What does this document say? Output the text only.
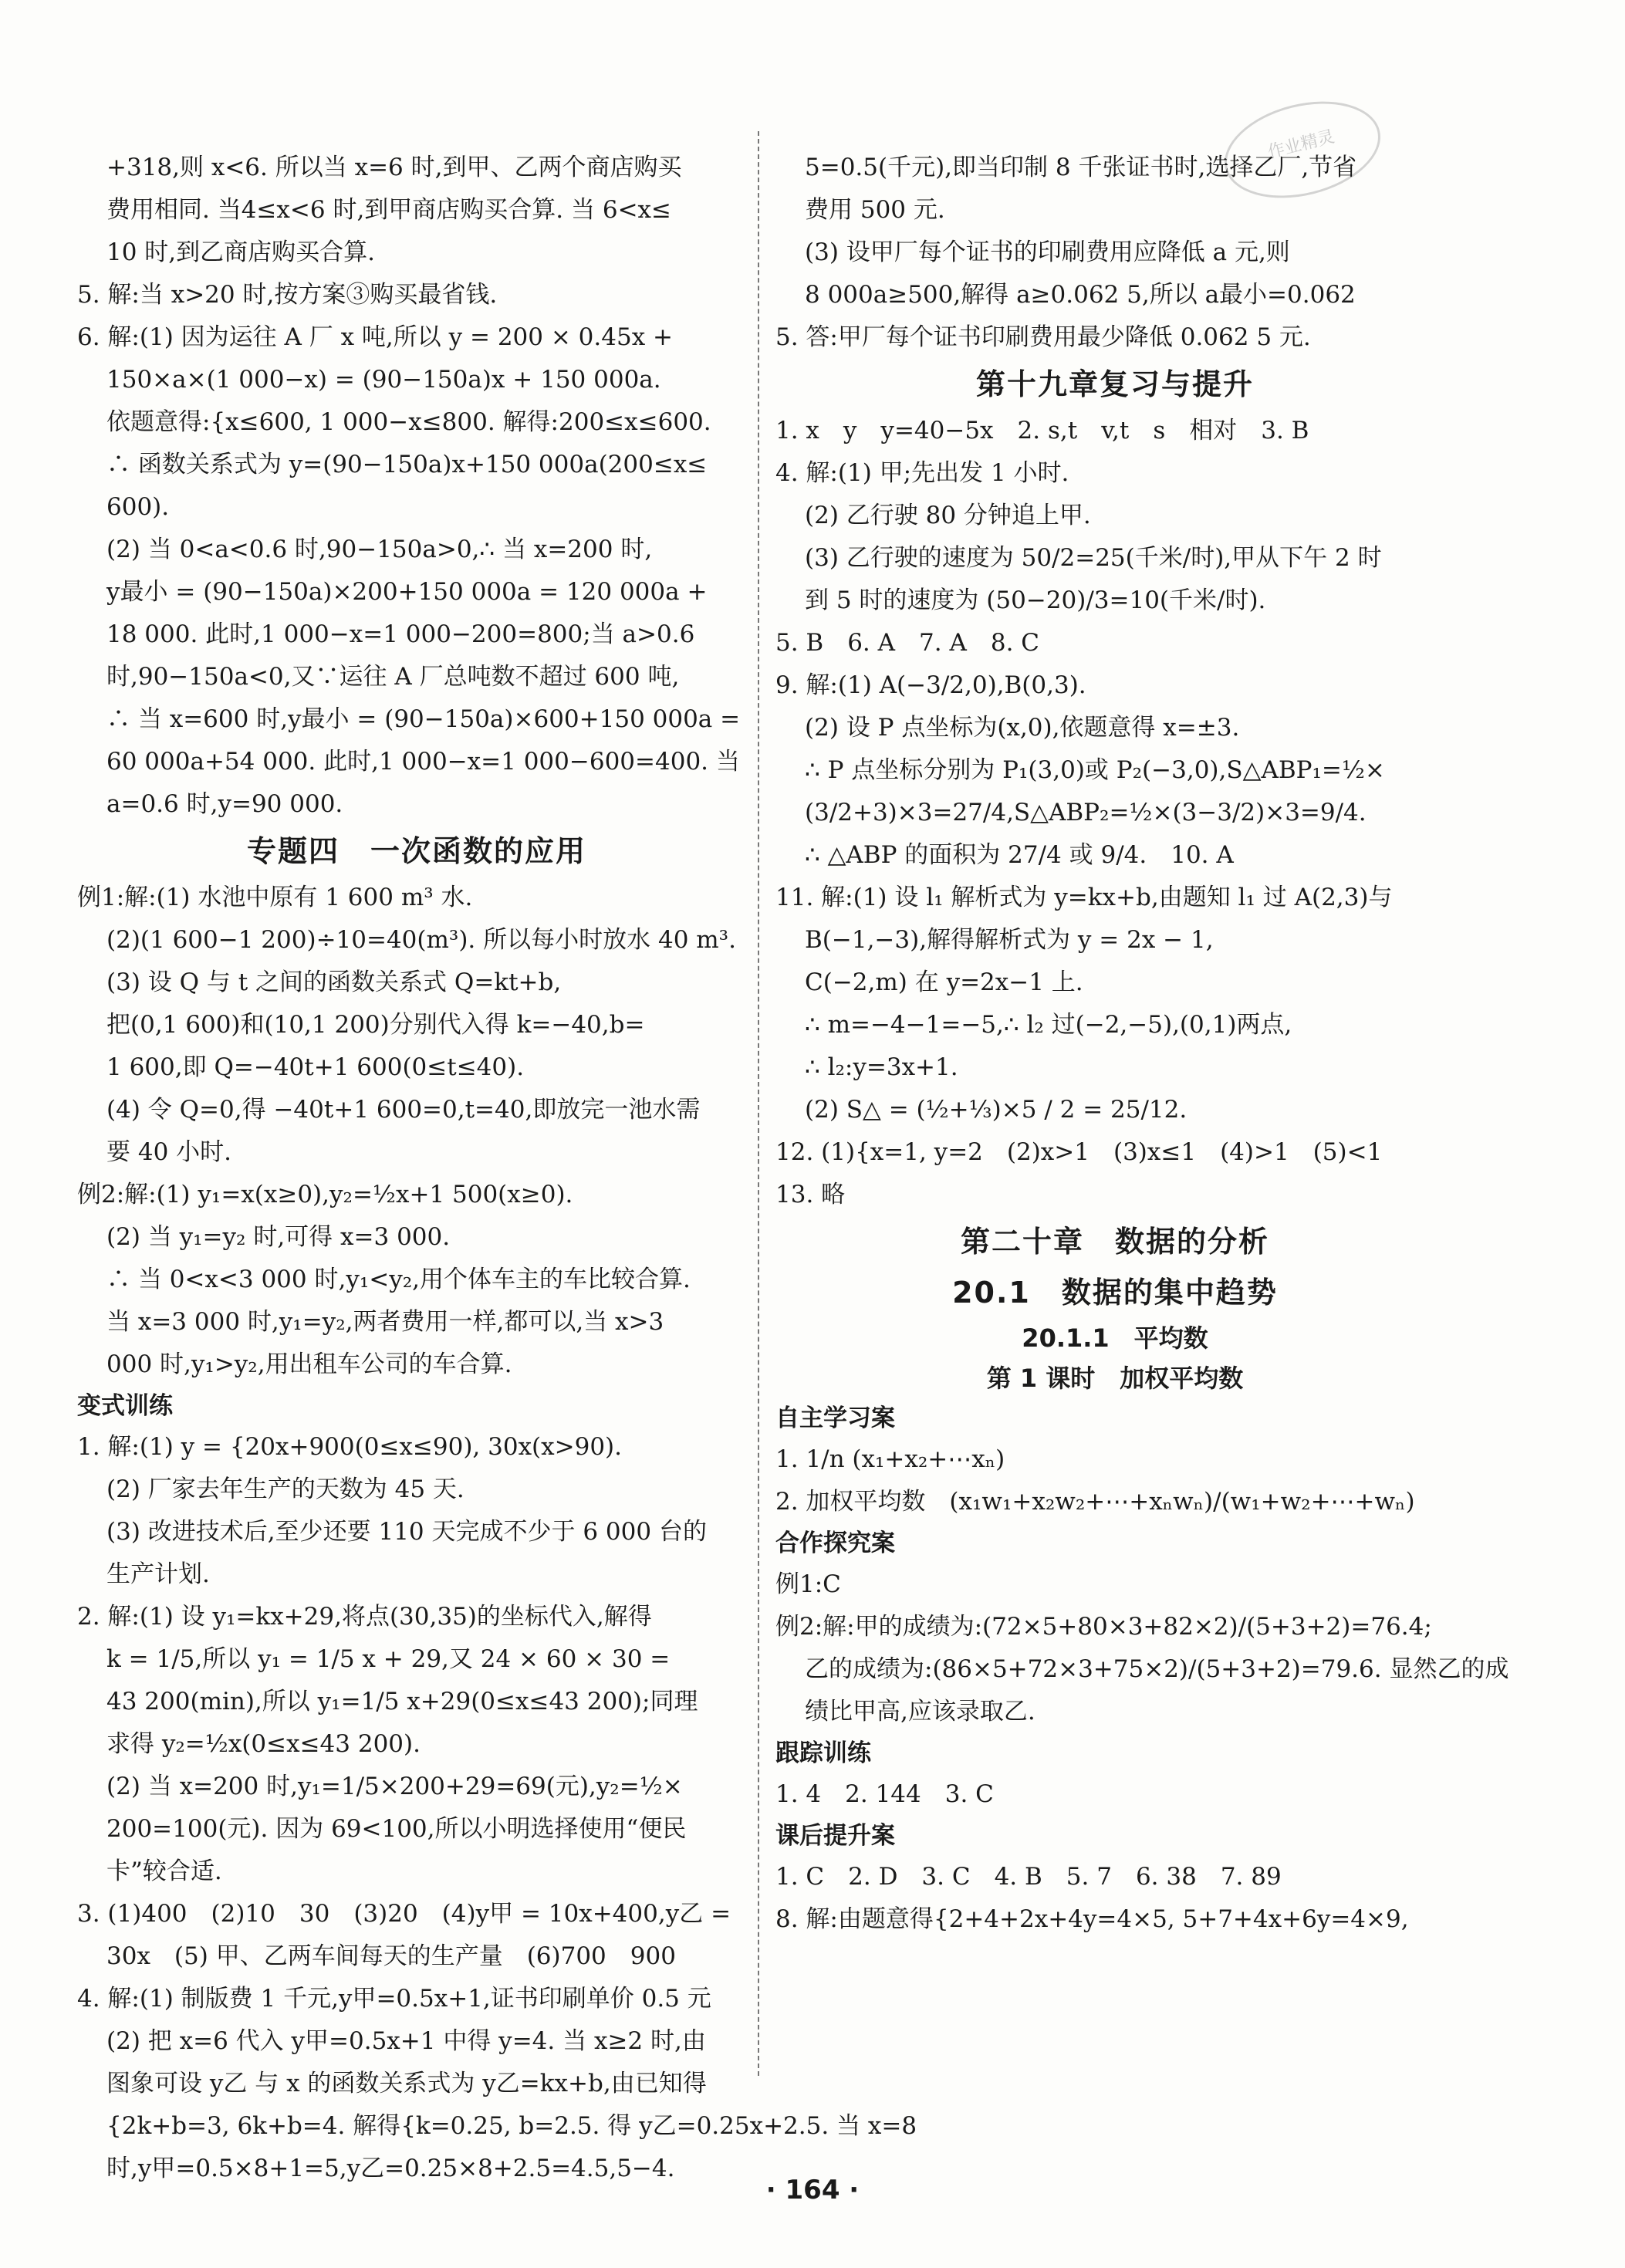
作业精灵
+318,则 x<6. 所以当 x=6 时,到甲、乙两个商店购买
费用相同. 当4≤x<6 时,到甲商店购买合算. 当 6<x≤
10 时,到乙商店购买合算.
5. 解:当 x>20 时,按方案③购买最省钱.
6. 解:(1) 因为运往 A 厂 x 吨,所以 y = 200 × 0.45x +
150×a×(1 000−x) = (90−150a)x + 150 000a.
依题意得:{x≤600, 1 000−x≤800. 解得:200≤x≤600.
∴ 函数关系式为 y=(90−150a)x+150 000a(200≤x≤
600).
(2) 当 0<a<0.6 时,90−150a>0,∴ 当 x=200 时,
y最小 = (90−150a)×200+150 000a = 120 000a +
18 000. 此时,1 000−x=1 000−200=800;当 a>0.6
时,90−150a<0,又∵运往 A 厂总吨数不超过 600 吨,
∴ 当 x=600 时,y最小 = (90−150a)×600+150 000a =
60 000a+54 000. 此时,1 000−x=1 000−600=400. 当
a=0.6 时,y=90 000.
专题四　一次函数的应用
例1:解:(1) 水池中原有 1 600 m³ 水.
(2)(1 600−1 200)÷10=40(m³). 所以每小时放水 40 m³.
(3) 设 Q 与 t 之间的函数关系式 Q=kt+b,
把(0,1 600)和(10,1 200)分别代入得 k=−40,b=
1 600,即 Q=−40t+1 600(0≤t≤40).
(4) 令 Q=0,得 −40t+1 600=0,t=40,即放完一池水需
要 40 小时.
例2:解:(1) y₁=x(x≥0),y₂=½x+1 500(x≥0).
(2) 当 y₁=y₂ 时,可得 x=3 000.
∴ 当 0<x<3 000 时,y₁<y₂,用个体车主的车比较合算.
当 x=3 000 时,y₁=y₂,两者费用一样,都可以,当 x>3
000 时,y₁>y₂,用出租车公司的车合算.
变式训练
1. 解:(1) y = {20x+900(0≤x≤90), 30x(x>90).
(2) 厂家去年生产的天数为 45 天.
(3) 改进技术后,至少还要 110 天完成不少于 6 000 台的
生产计划.
2. 解:(1) 设 y₁=kx+29,将点(30,35)的坐标代入,解得
k = 1/5,所以 y₁ = 1/5 x + 29,又 24 × 60 × 30 =
43 200(min),所以 y₁=1/5 x+29(0≤x≤43 200);同理
求得 y₂=½x(0≤x≤43 200).
(2) 当 x=200 时,y₁=1/5×200+29=69(元),y₂=½×
200=100(元). 因为 69<100,所以小明选择使用“便民
卡”较合适.
3. (1)400　(2)10　30　(3)20　(4)y甲 = 10x+400,y乙 =
30x　(5) 甲、乙两车间每天的生产量　(6)700　900
4. 解:(1) 制版费 1 千元,y甲=0.5x+1,证书印刷单价 0.5 元
(2) 把 x=6 代入 y甲=0.5x+1 中得 y=4. 当 x≥2 时,由
图象可设 y乙 与 x 的函数关系式为 y乙=kx+b,由已知得
{2k+b=3, 6k+b=4. 解得{k=0.25, b=2.5. 得 y乙=0.25x+2.5. 当 x=8
时,y甲=0.5×8+1=5,y乙=0.25×8+2.5=4.5,5−4.
5=0.5(千元),即当印制 8 千张证书时,选择乙厂,节省
费用 500 元.
(3) 设甲厂每个证书的印刷费用应降低 a 元,则
8 000a≥500,解得 a≥0.062 5,所以 a最小=0.062
5. 答:甲厂每个证书印刷费用最少降低 0.062 5 元.
第十九章复习与提升
1. x　y　y=40−5x　2. s,t　v,t　s　相对　3. B
4. 解:(1) 甲;先出发 1 小时.
(2) 乙行驶 80 分钟追上甲.
(3) 乙行驶的速度为 50/2=25(千米/时),甲从下午 2 时
到 5 时的速度为 (50−20)/3=10(千米/时).
5. B　6. A　7. A　8. C
9. 解:(1) A(−3/2,0),B(0,3).
(2) 设 P 点坐标为(x,0),依题意得 x=±3.
∴ P 点坐标分别为 P₁(3,0)或 P₂(−3,0),S△ABP₁=½×
(3/2+3)×3=27/4,S△ABP₂=½×(3−3/2)×3=9/4.
∴ △ABP 的面积为 27/4 或 9/4.　10. A
11. 解:(1) 设 l₁ 解析式为 y=kx+b,由题知 l₁ 过 A(2,3)与
B(−1,−3),解得解析式为 y = 2x − 1,
C(−2,m) 在 y=2x−1 上.
∴ m=−4−1=−5,∴ l₂ 过(−2,−5),(0,1)两点,
∴ l₂:y=3x+1.
(2) S△ = (½+⅓)×5 / 2 = 25/12.
12. (1){x=1, y=2　(2)x>1　(3)x≤1　(4)>1　(5)<1
13. 略
第二十章　数据的分析
20.1　数据的集中趋势
20.1.1　平均数
第 1 课时　加权平均数
自主学习案
1. 1/n (x₁+x₂+⋯xₙ)
2. 加权平均数　(x₁w₁+x₂w₂+⋯+xₙwₙ)/(w₁+w₂+⋯+wₙ)
合作探究案
例1:C
例2:解:甲的成绩为:(72×5+80×3+82×2)/(5+3+2)=76.4;
乙的成绩为:(86×5+72×3+75×2)/(5+3+2)=79.6. 显然乙的成
绩比甲高,应该录取乙.
跟踪训练
1. 4　2. 144　3. C
课后提升案
1. C　2. D　3. C　4. B　5. 7　6. 38　7. 89
8. 解:由题意得{2+4+2x+4y=4×5, 5+7+4x+6y=4×9,
· 164 ·
